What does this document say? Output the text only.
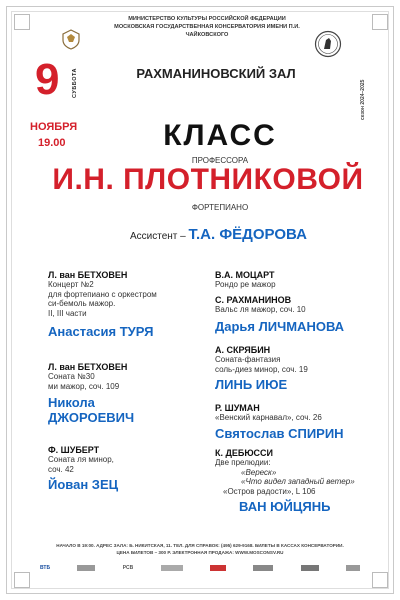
МИНИСТЕРСТВО КУЛЬТУРЫ РОССИЙСКОЙ ФЕДЕРАЦИИ
МОСКОВСКАЯ ГОСУДАРСТВЕННАЯ КОНСЕРВАТОРИЯ ИМЕНИ П.И. ЧАЙКОВСКОГО
сезон 2024–2025
9 СУББОТА
НОЯБРЯ
19.00
РАХМАНИНОВСКИЙ ЗАЛ
КЛАСС
ПРОФЕССОРА
И.Н. ПЛОТНИКОВОЙ
ФОРТЕПИАНО
Ассистент – Т.А. ФЁДОРОВА
Л. ван БЕТХОВЕН
Концерт №2
для фортепиано с оркестром
си-бемоль мажор.
II, III части
Анастасия ТУРЯ
Л. ван БЕТХОВЕН
Соната №30
ми мажор, соч. 109
Никола
ДЖОРОЕВИЧ
Ф. ШУБЕРТ
Соната ля минор,
соч. 42
Йован ЗЕЦ
В.А. МОЦАРТ
Рондо ре мажор
С. РАХМАНИНОВ
Вальс ля мажор, соч. 10
Дарья ЛИЧМАНОВА
А. СКРЯБИН
Соната-фантазия
соль-диез минор, соч. 19
ЛИНЬ ИЮЕ
Р. ШУМАН
«Венский карнавал», соч. 26
Святослав СПИРИН
К. ДЕБЮССИ
Две прелюдии:
«Вереск»
«Что видел западный ветер»
«Остров радости», L 106
ВАН ЮЙЦЯНЬ
НАЧАЛО В 19:00. АДРЕС ЗАЛА: Б. НИКИТСКАЯ, 11. ТЕЛ. ДЛЯ СПРАВОК: (495) 629-9168. БИЛЕТЫ В КАССАХ КОНСЕРВАТОРИИ.
ЦЕНА БИЛЕТОВ – 300 Р. ЭЛЕКТРОННАЯ ПРОДАЖА: WWW.MOSCONSV.RU
ВТБ	РСВ
